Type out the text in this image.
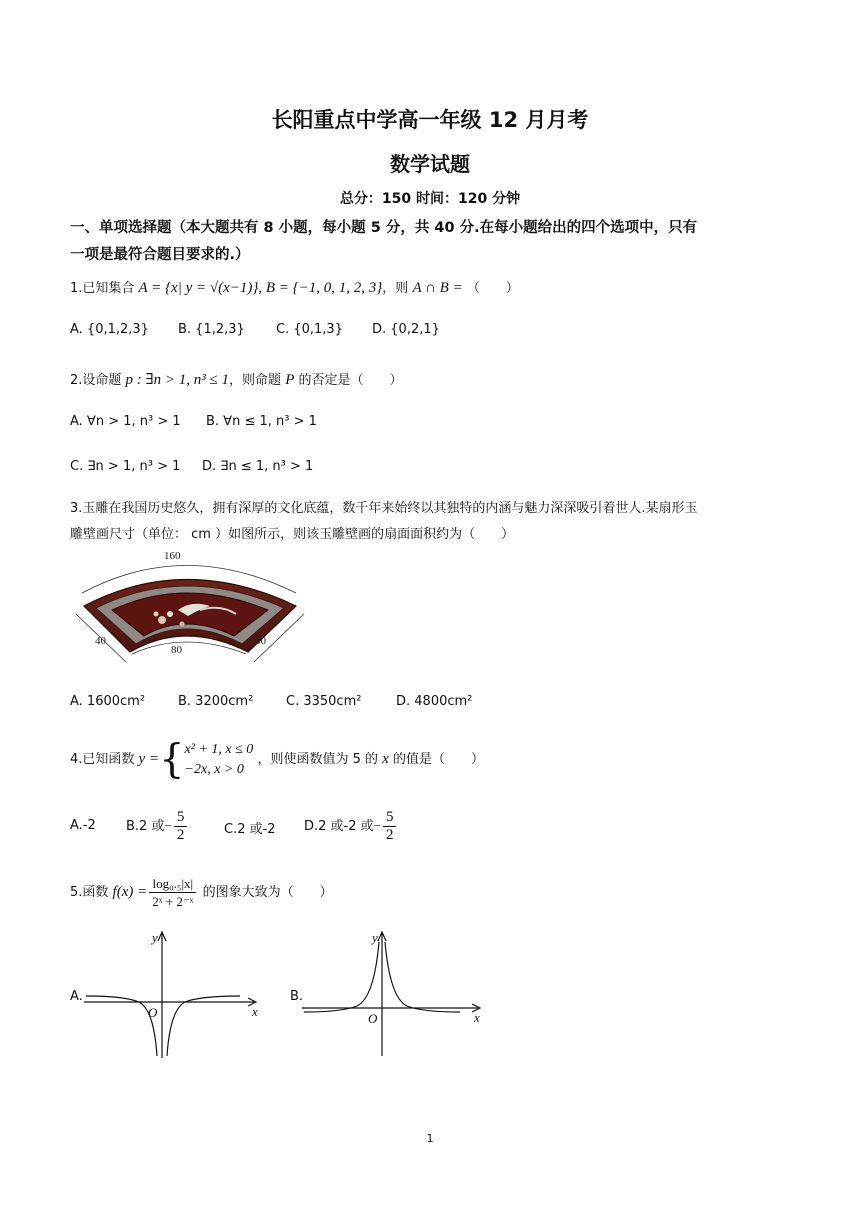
长阳重点中学高一年级 12 月月考
数学试题
总分：150 时间：120 分钟
一、单项选择题（本大题共有 8 小题，每小题 5 分，共 40 分.在每小题给出的四个选项中，只有
一项是最符合题目要求的.）
1.已知集合 A = {x| y = √(x−1)}, B = {−1, 0, 1, 2, 3}，则 A ∩ B = （　　）
A. {0,1,2,3} B. {1,2,3} C. {0,1,3} D. {0,2,1}
2.设命题 p : ∃n > 1, n³ ≤ 1，则命题 P 的否定是（　　）
A. ∀n > 1, n³ > 1 B. ∀n ≤ 1, n³ > 1
C. ∃n > 1, n³ > 1 D. ∃n ≤ 1, n³ > 1
3.玉雕在我国历史悠久，拥有深厚的文化底蕴，数千年来始终以其独特的内涵与魅力深深吸引着世人.某扇形玉
雕壁画尺寸（单位： cm ）如图所示，则该玉雕壁画的扇面面积约为（　　）
160
40	40
80
A. 1600cm²	B. 3200cm²	C. 3350cm²	D. 4800cm²
4.已知函数 y ={ x² + 1, x ≤ 0
−2x, x > 0
，则使函数值为 5 的 x 的值是（　　）
A.-2 B.2 或− $\frac{5}{2}$	C.2 或-2 D.2 或-2 或− $\frac{5}{2}$
5.函数 $f(x) = \frac{\text{log₀.₅|x|}}{\text{2ˣ + 2⁻ˣ}}$ 的图象大致为（　　）
A.
y
x
O
B.
y
x
O
1
